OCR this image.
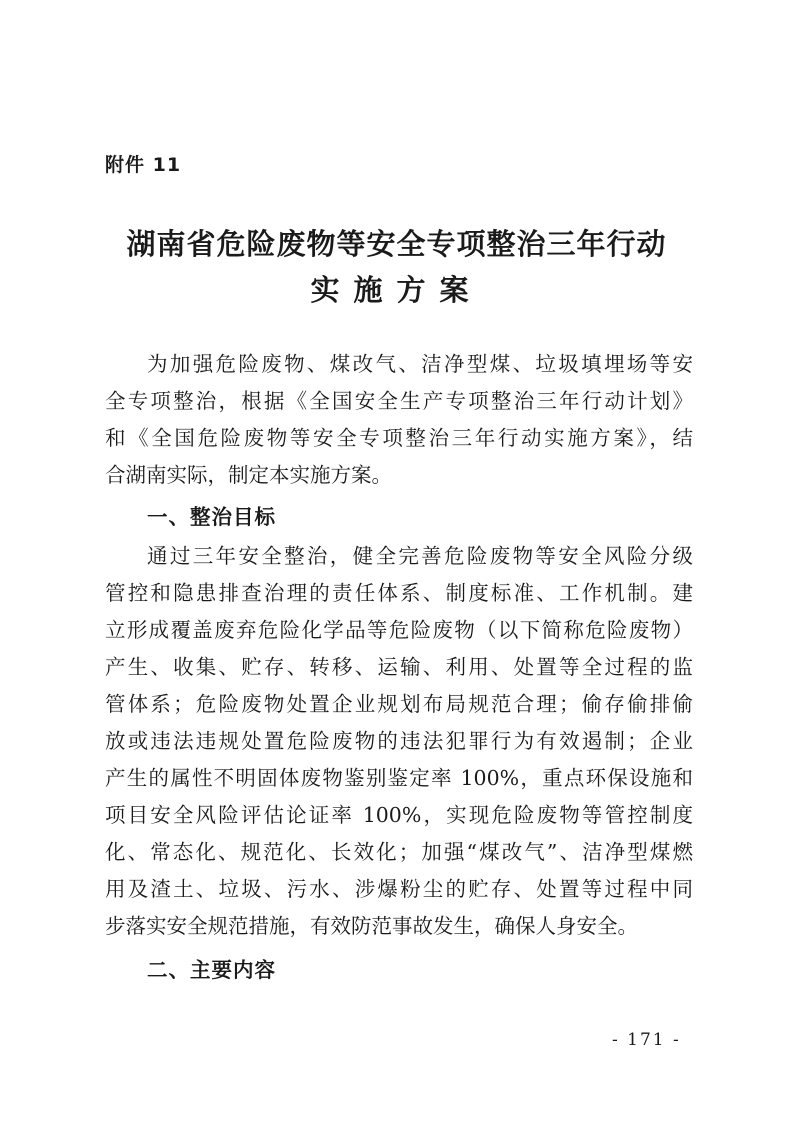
附件 11
湖南省危险废物等安全专项整治三年行动
实施方案
为加强危险废物、煤改气、洁净型煤、垃圾填埋场等安
全专项整治，根据《全国安全生产专项整治三年行动计划》
和《全国危险废物等安全专项整治三年行动实施方案》，结
合湖南实际，制定本实施方案。
一、整治目标
通过三年安全整治，健全完善危险废物等安全风险分级
管控和隐患排查治理的责任体系、制度标准、工作机制。建
立形成覆盖废弃危险化学品等危险废物（以下简称危险废物）
产生、收集、贮存、转移、运输、利用、处置等全过程的监
管体系；危险废物处置企业规划布局规范合理；偷存偷排偷
放或违法违规处置危险废物的违法犯罪行为有效遏制；企业
产生的属性不明固体废物鉴别鉴定率 100%，重点环保设施和
项目安全风险评估论证率 100%，实现危险废物等管控制度
化、常态化、规范化、长效化；加强“煤改气”、洁净型煤燃
用及渣土、垃圾、污水、涉爆粉尘的贮存、处置等过程中同
步落实安全规范措施，有效防范事故发生，确保人身安全。
二、主要内容
- 171 -
